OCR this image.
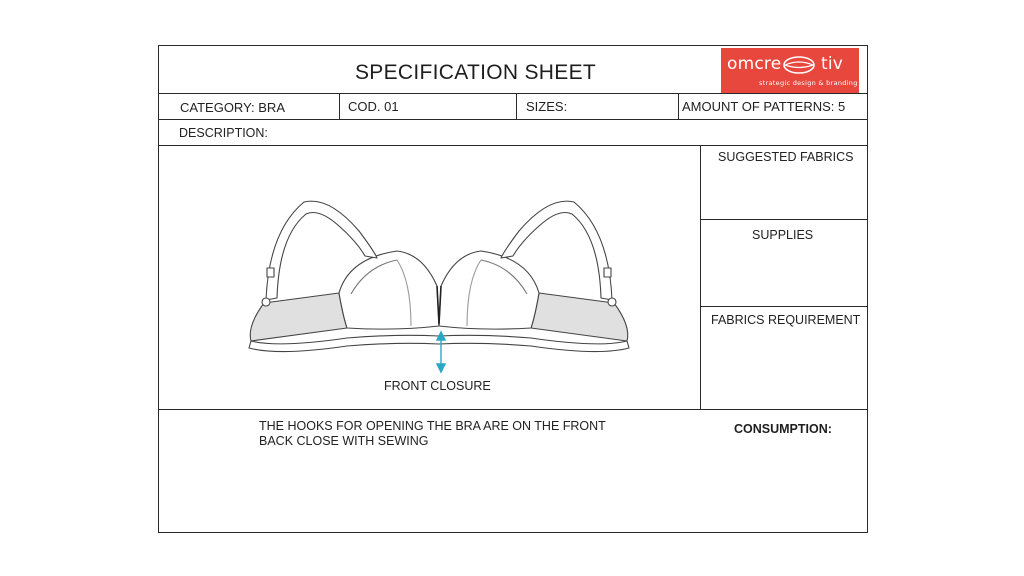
SPECIFICATION SHEET	omcre tiv
strategic design & branding
CATEGORY: BRA	COD. 01	SIZES:	AMOUNT OF PATTERNS: 5
DESCRIPTION:
SUGGESTED FABRICS
SUPPLIES
FABRICS REQUIREMENT
THE HOOKS FOR OPENING THE BRA ARE ON THE FRONT
BACK CLOSE WITH SEWING
CONSUMPTION:
FRONT CLOSURE
